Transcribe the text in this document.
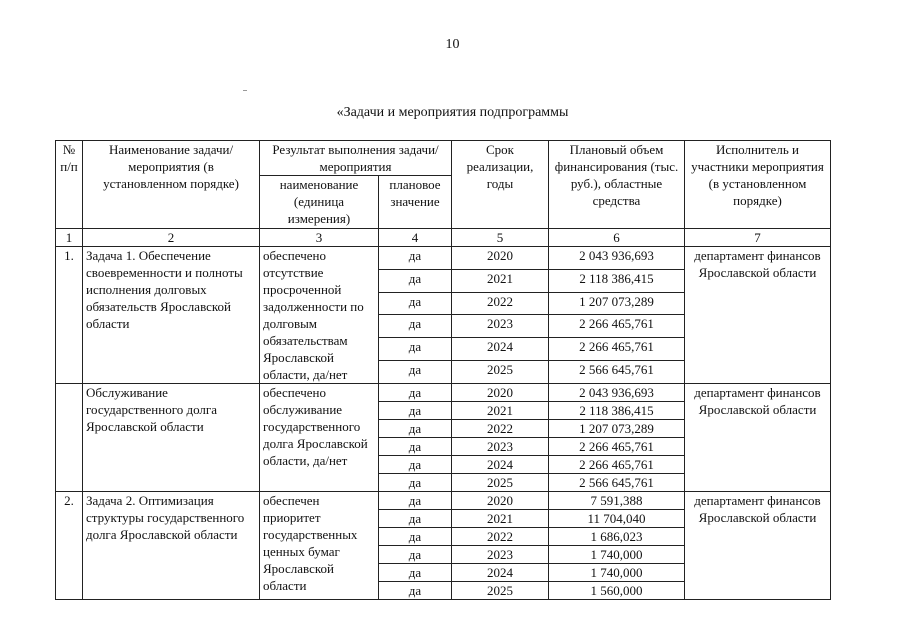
10
«Задачи и мероприятия подпрограммы
№ п/п	Наименование задачи/мероприятия (в установленном порядке)	Результат выполнения задачи/мероприятия		Срок реализации, годы	Плановый объем финансирования (тыс. руб.), областные средства	Исполнитель и участники мероприятия (в установленном порядке)
		наименование (единица измерения)	плановое значение			
1	2	3	4	5	6	7
1.	Задача 1. Обеспечение своевременности и полноты исполнения долговых обязательств Ярославской области	обеспечено отсутствие просроченной задолженности по долговым обязательствам Ярославской области, да/нет	да	2020	2 043 936,693	департамент финансов Ярославской области
			да	2021	2 118 386,415	
			да	2022	1 207 073,289	
			да	2023	2 266 465,761	
			да	2024	2 266 465,761	
			да	2025	2 566 645,761	
	Обслуживание государственного долга Ярославской области	обеспечено обслуживание государственного долга Ярославской области, да/нет	да	2020	2 043 936,693	департамент финансов Ярославской области
			да	2021	2 118 386,415	
			да	2022	1 207 073,289	
			да	2023	2 266 465,761	
			да	2024	2 266 465,761	
			да	2025	2 566 645,761	
2.	Задача 2. Оптимизация структуры государственного долга Ярославской области	обеспечен приоритет государственных ценных бумаг Ярославской области	да	2020	7 591,388	департамент финансов Ярославской области
			да	2021	11 704,040	
			да	2022	1 686,023	
			да	2023	1 740,000	
			да	2024	1 740,000	
			да	2025	1 560,000	
